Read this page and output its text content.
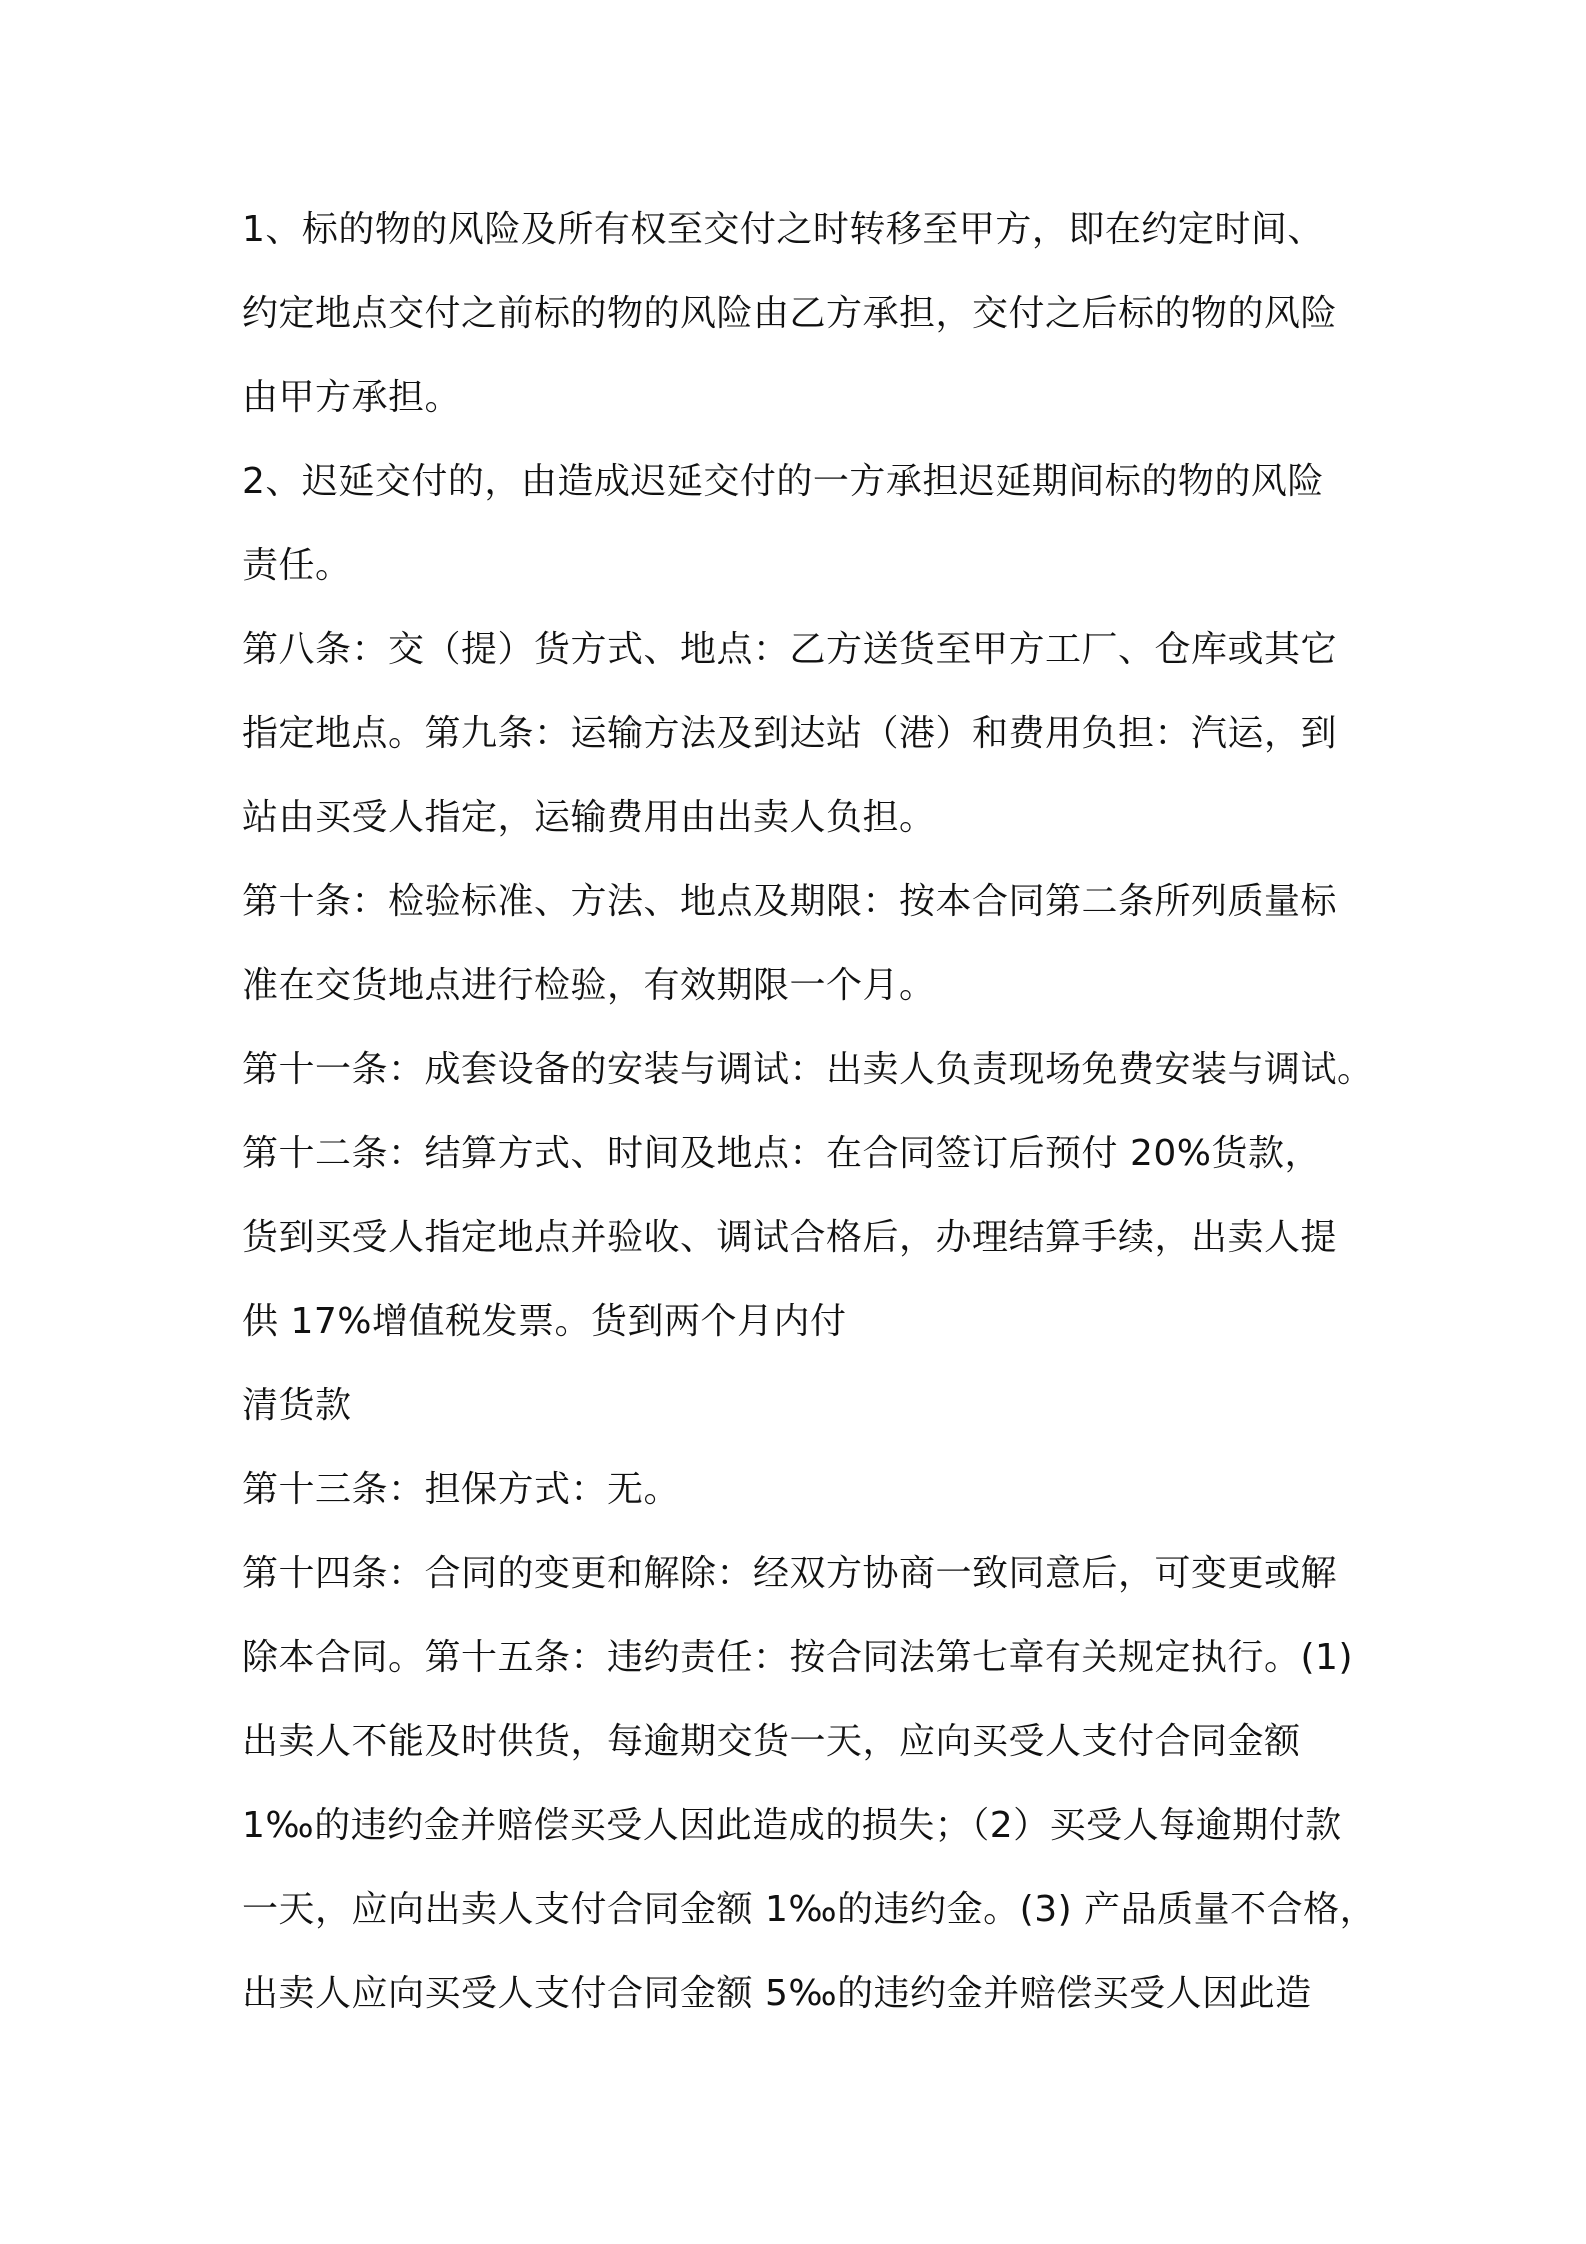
1、标的物的风险及所有权至交付之时转移至甲方，即在约定时间、
约定地点交付之前标的物的风险由乙方承担，交付之后标的物的风险
由甲方承担。
2、迟延交付的，由造成迟延交付的一方承担迟延期间标的物的风险
责任。
第八条：交（提）货方式、地点：乙方送货至甲方工厂、仓库或其它
指定地点。第九条：运输方法及到达站（港）和费用负担：汽运，到
站由买受人指定，运输费用由出卖人负担。
第十条：检验标准、方法、地点及期限：按本合同第二条所列质量标
准在交货地点进行检验，有效期限一个月。
第十一条：成套设备的安装与调试：出卖人负责现场免费安装与调试。
第十二条：结算方式、时间及地点：在合同签订后预付 20%货款，
货到买受人指定地点并验收、调试合格后，办理结算手续，出卖人提
供 17%增值税发票。货到两个月内付
清货款
第十三条：担保方式：无。
第十四条：合同的变更和解除：经双方协商一致同意后，可变更或解
除本合同。第十五条：违约责任：按合同法第七章有关规定执行。(1)
出卖人不能及时供货，每逾期交货一天，应向买受人支付合同金额
1‰的违约金并赔偿买受人因此造成的损失；（2）买受人每逾期付款
一天，应向出卖人支付合同金额 1‰的违约金。(3) 产品质量不合格，
出卖人应向买受人支付合同金额 5‰的违约金并赔偿买受人因此造
